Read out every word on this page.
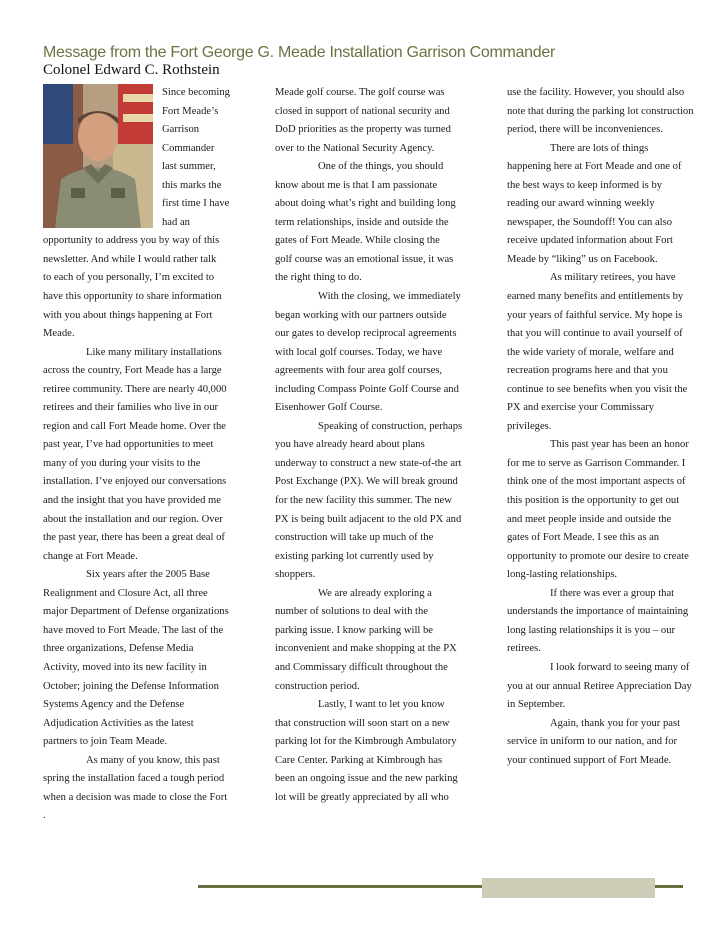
Message from the Fort George G. Meade Installation Garrison Commander
Colonel Edward C. Rothstein
Since becoming
Fort Meade’s
Garrison
Commander
last summer,
this marks the
first time I have
had an
opportunity to address you by way of this
newsletter. And while I would rather talk
to each of you personally, I’m excited to
have this opportunity to share information
with you about things happening at Fort
Meade.
Like many military installations
across the country, Fort Meade has a large
retiree community. There are nearly 40,000
retirees and their families who live in our
region and call Fort Meade home. Over the
past year, I’ve had opportunities to meet
many of you during your visits to the
installation. I’ve enjoyed our conversations
and the insight that you have provided me
about the installation and our region. Over
the past year, there has been a great deal of
change at Fort Meade.
Six years after the 2005 Base
Realignment and Closure Act, all three
major Department of Defense organizations
have moved to Fort Meade. The last of the
three organizations, Defense Media
Activity, moved into its new facility in
October; joining the Defense Information
Systems Agency and the Defense
Adjudication Activities as the latest
partners to join Team Meade.
As many of you know, this past
spring the installation faced a tough period
when a decision was made to close the Fort
.
Meade golf course. The golf course was
closed in support of national security and
DoD priorities as the property was turned
over to the National Security Agency.
One of the things, you should
know about me is that I am passionate
about doing what’s right and building long
term relationships, inside and outside the
gates of Fort Meade. While closing the
golf course was an emotional issue, it was
the right thing to do.
With the closing, we immediately
began working with our partners outside
our gates to develop reciprocal agreements
with local golf courses. Today, we have
agreements with four area golf courses,
including Compass Pointe Golf Course and
Eisenhower Golf Course.
Speaking of construction, perhaps
you have already heard about plans
underway to construct a new state-of-the art
Post Exchange (PX). We will break ground
for the new facility this summer. The new
PX is being built adjacent to the old PX and
construction will take up much of the
existing parking lot currently used by
shoppers.
We are already exploring a
number of solutions to deal with the
parking issue. I know parking will be
inconvenient and make shopping at the PX
and Commissary difficult throughout the
construction period.
Lastly, I want to let you know
that construction will soon start on a new
parking lot for the Kimbrough Ambulatory
Care Center. Parking at Kimbrough has
been an ongoing issue and the new parking
lot will be greatly appreciated by all who
use the facility. However, you should also
note that during the parking lot construction
period, there will be inconveniences.
There are lots of things
happening here at Fort Meade and one of
the best ways to keep informed is by
reading our award winning weekly
newspaper, the Soundoff! You can also
receive updated information about Fort
Meade by “liking” us on Facebook.
As military retirees, you have
earned many benefits and entitlements by
your years of faithful service. My hope is
that you will continue to avail yourself of
the wide variety of morale, welfare and
recreation programs here and that you
continue to see benefits when you visit the
PX and exercise your Commissary
privileges.
This past year has been an honor
for me to serve as Garrison Commander. I
think one of the most important aspects of
this position is the opportunity to get out
and meet people inside and outside the
gates of Fort Meade. I see this as an
opportunity to promote our desire to create
long-lasting relationships.
If there was ever a group that
understands the importance of maintaining
long lasting relationships it is you – our
retirees.
I look forward to seeing many of
you at our annual Retiree Appreciation Day
in September.
Again, thank you for your past
service in uniform to our nation, and for
your continued support of Fort Meade.
